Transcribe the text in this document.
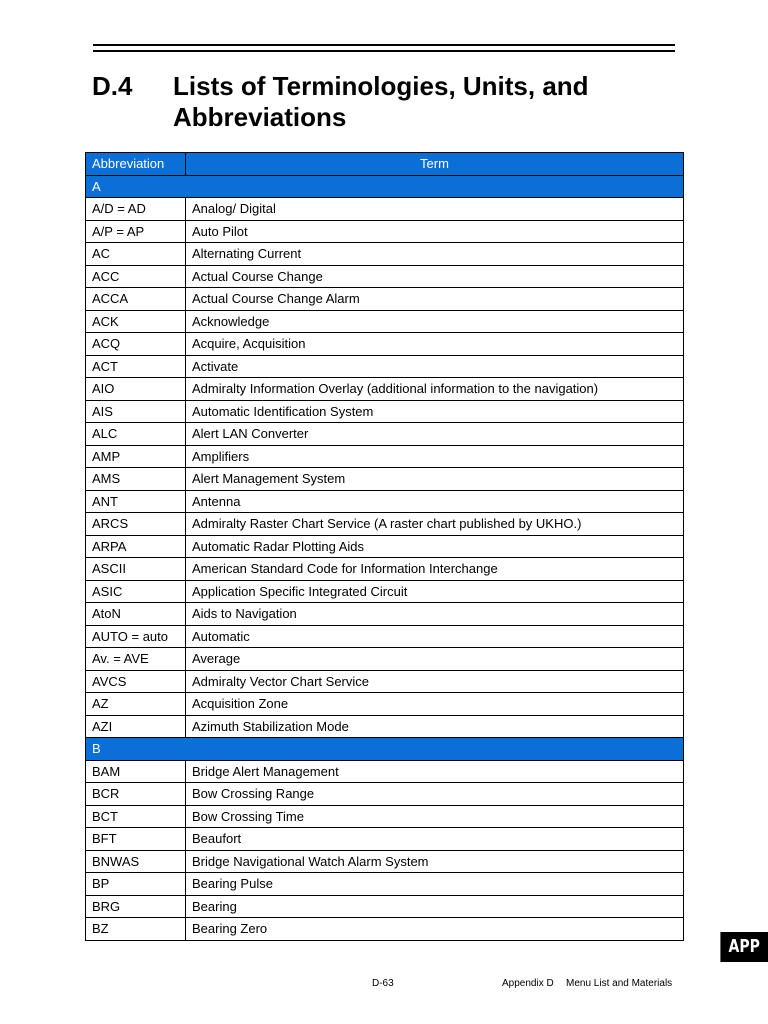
D.4 Lists of Terminologies, Units, and Abbreviations
Abbreviation	Term
A	
A/D = AD	Analog/ Digital
A/P = AP	Auto Pilot
AC	Alternating Current
ACC	Actual Course Change
ACCA	Actual Course Change Alarm
ACK	Acknowledge
ACQ	Acquire, Acquisition
ACT	Activate
AIO	Admiralty Information Overlay (additional information to the navigation)
AIS	Automatic Identification System
ALC	Alert LAN Converter
AMP	Amplifiers
AMS	Alert Management System
ANT	Antenna
ARCS	Admiralty Raster Chart Service (A raster chart published by UKHO.)
ARPA	Automatic Radar Plotting Aids
ASCII	American Standard Code for Information Interchange
ASIC	Application Specific Integrated Circuit
AtoN	Aids to Navigation
AUTO = auto	Automatic
Av. = AVE	Average
AVCS	Admiralty Vector Chart Service
AZ	Acquisition Zone
AZI	Azimuth Stabilization Mode
B	
BAM	Bridge Alert Management
BCR	Bow Crossing Range
BCT	Bow Crossing Time
BFT	Beaufort
BNWAS	Bridge Navigational Watch Alarm System
BP	Bearing Pulse
BRG	Bearing
BZ	Bearing Zero
APP D
D-63	Appendix D Menu List and Materials
